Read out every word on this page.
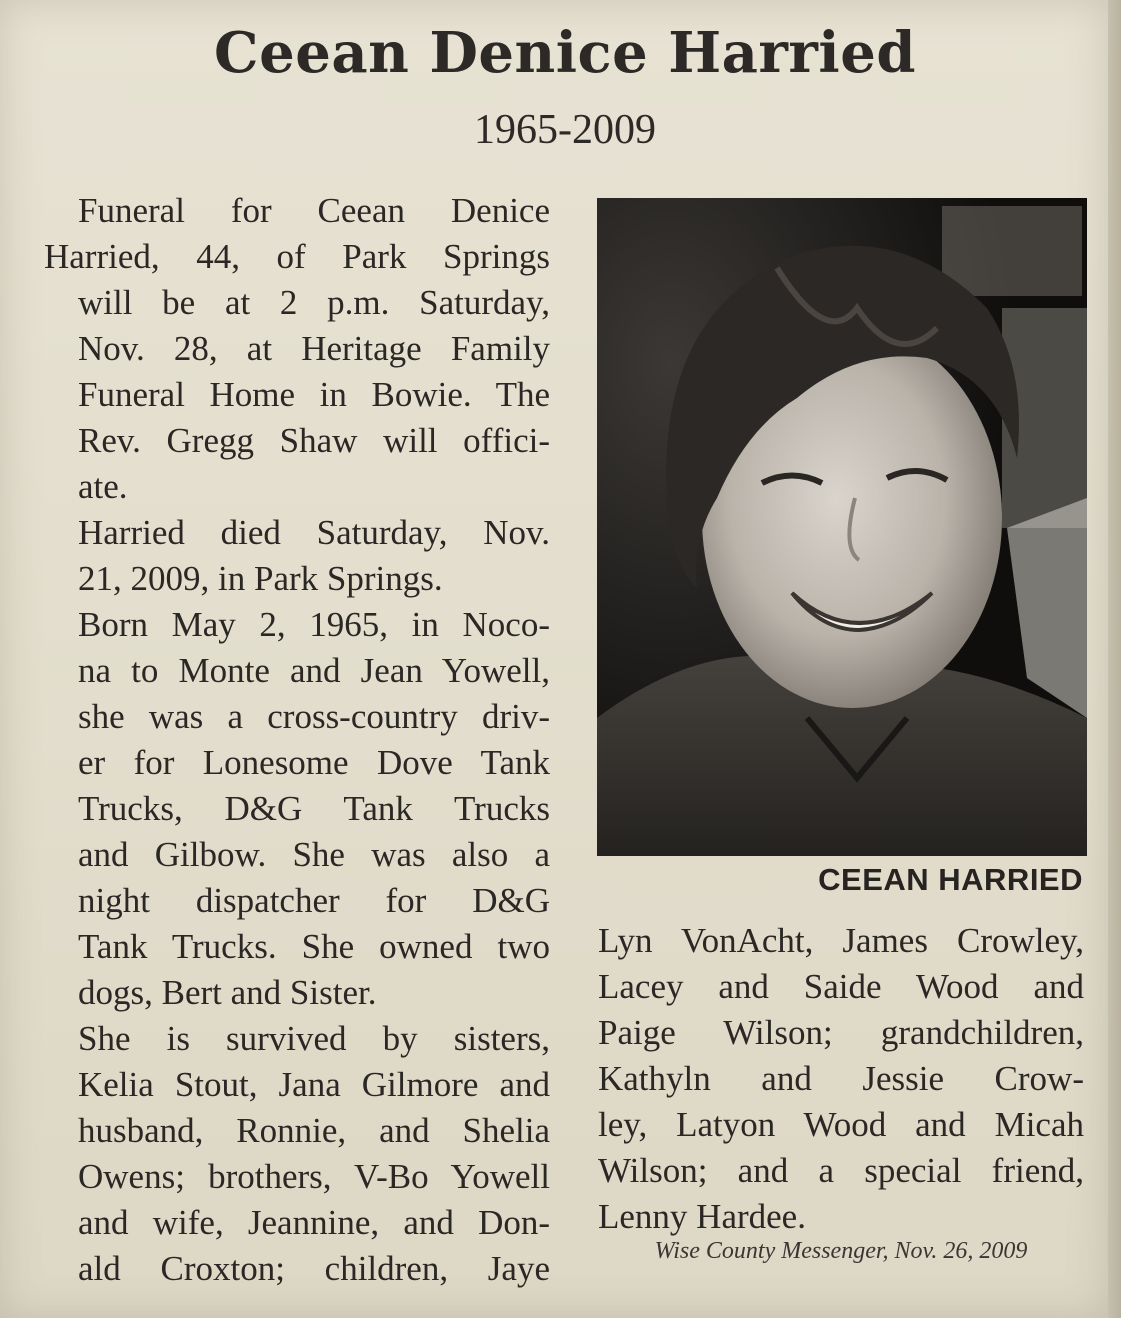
Ceean Denice Harried
1965-2009

Funeral for Ceean Denice
Harried, 44, of Park Springs
will be at 2 p.m. Saturday,
Nov. 28, at Heritage Family
Funeral Home in Bowie. The
Rev. Gregg Shaw will offici-
ate.

Harried died Saturday, Nov.
21, 2009, in Park Springs.

Born May 2, 1965, in Noco-
na to Monte and Jean Yowell,
she was a cross-country driv-
er for Lonesome Dove Tank
Trucks, D&G Tank Trucks
and Gilbow. She was also a
night dispatcher for D&G
Tank Trucks. She owned two
dogs, Bert and Sister.

She is survived by sisters,
Kelia Stout, Jana Gilmore and
husband, Ronnie, and Shelia
Owens; brothers, V-Bo Yowell
and wife, Jeannine, and Don-
ald Croxton; children, Jaye

CEEAN HARRIED

Lyn VonAcht, James Crowley,
Lacey and Saide Wood and
Paige Wilson; grandchildren,
Kathyln and Jessie Crow-
ley, Latyon Wood and Micah
Wilson; and a special friend,
Lenny Hardee.

Wise County Messenger, Nov. 26, 2009
